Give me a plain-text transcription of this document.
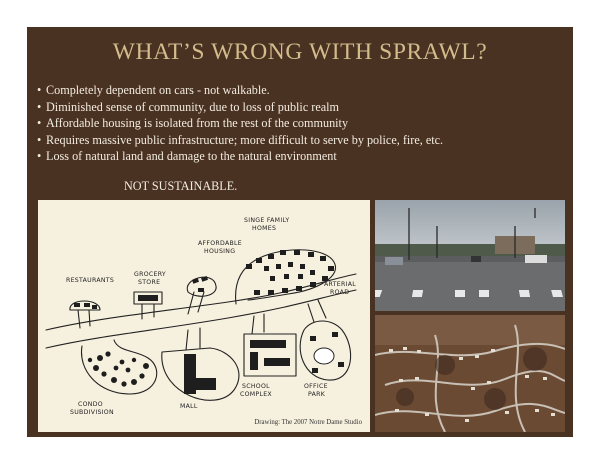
WHAT’S WRONG WITH SPRAWL?
• Completely dependent on cars - not walkable.
• Diminished sense of community, due to loss of public realm
• Affordable housing is isolated from the rest of the community
• Requires massive public infrastructure; more difficult to serve by police, fire, etc.
• Loss of natural land and damage to the natural environment
NOT SUSTAINABLE.
SINGE FAMILY
HOMES
AFFORDABLE
HOUSING
RESTAURANTS
GROCERY
STORE	ARTERIAL
ROAD
CONDO
SUBDIVISION
MALL
SCHOOL
COMPLEX
OFFICE
PARK
Drawing: The 2007 Notre Dame Studio
